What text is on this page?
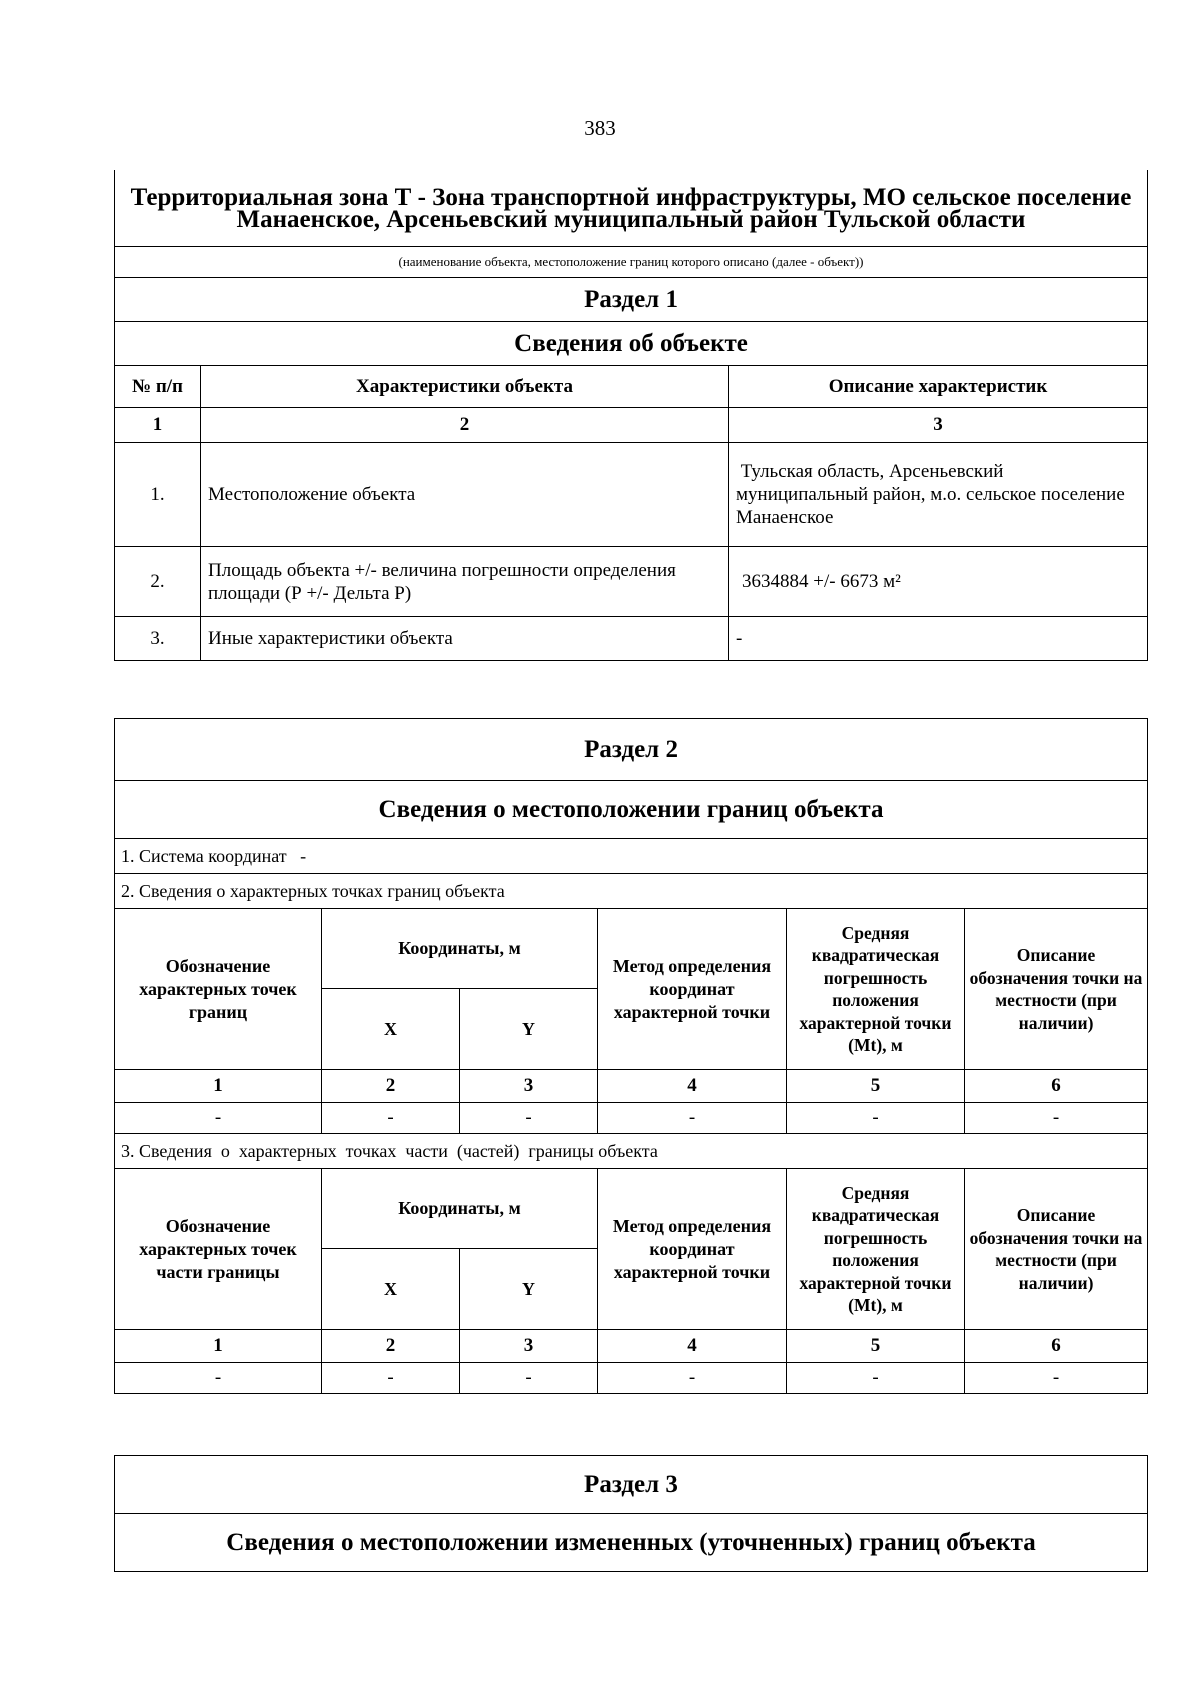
383
Территориальная зона Т - Зона транспортной инфраструктуры, МО сельское поселение Манаенское, Арсеньевский муниципальный район Тульской области		
(наименование объекта, местоположение границ которого описано (далее - объект))		
Раздел 1		
Сведения об объекте		
№ п/п	Характеристики объекта	Описание характеристик
1	2	3
1.	Местоположение объекта	Тульская область, Арсеньевский муниципальный район, м.о. сельское поселение Манаенское
2.	Площадь объекта +/- величина погрешности определения площади (Р +/- Дельта Р)	3634884 +/- 6673 м²
3.	Иные характеристики объекта	-
Раздел 2					
Сведения о местоположении границ объекта					
1. Система координат   -					
2. Сведения о характерных точках границ объекта					
Обозначение характерных точек границ	Координаты, м		Метод определения координат характерной точки	Средняя квадратическая погрешность положения характерной точки (Mt), м	Описание обозначения точки на местности (при наличии)
	X	Y			
1	2	3	4	5	6
-	-	-	-	-	-
3. Сведения  о  характерных  точках  части  (частей)  границы объекта					
Обозначение характерных точек части границы	Координаты, м		Метод определения координат характерной точки	Средняя квадратическая погрешность положения характерной точки (Mt), м	Описание обозначения точки на местности (при наличии)
	X	Y			
1	2	3	4	5	6
-	-	-	-	-	-
Раздел 3
Сведения о местоположении измененных (уточненных) границ объекта
